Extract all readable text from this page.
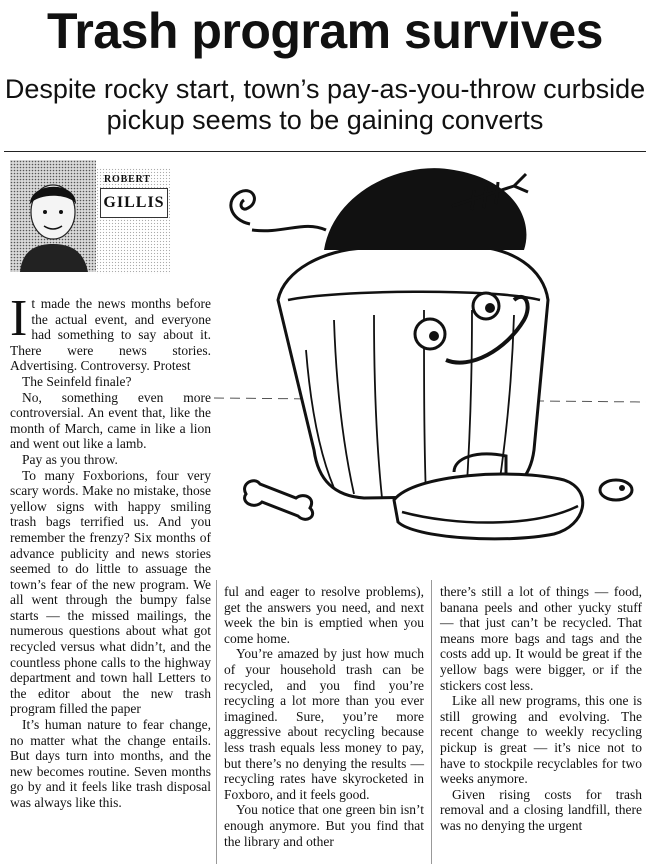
Trash program survives
Despite rocky start, town’s pay-as-you-throw curbside pickup seems to be gaining converts
ROBERT
GILLIS
I t made the news months before the actual event, and everyone had something to say about it. There were news stories. Advertising. Controversy. Protest

The Seinfeld finale?

No, something even more controversial. An event that, like the month of March, came in like a lion and went out like a lamb.

Pay as you throw.

To many Foxborions, four very scary words. Make no mistake, those yellow signs with happy smiling trash bags terrified us. And you remember the frenzy? Six months of advance publicity and news stories seemed to do little to assuage the town’s fear of the new program. We all went through the bumpy false starts — the missed mailings, the numerous questions about what got recycled versus what didn’t, and the countless phone calls to the highway department and town hall Letters to the editor about the new trash program filled the paper

It’s human nature to fear change, no matter what the change entails. But days turn into months, and the new becomes routine. Seven months go by and it feels like trash disposal was always like this.

ful and eager to resolve problems), get the answers you need, and next week the bin is emptied when you come home.

You’re amazed by just how much of your household trash can be recycled, and you find you’re recycling a lot more than you ever imagined. Sure, you’re more aggressive about recycling because less trash equals less money to pay, but there’s no denying the results — recycling rates have skyrocketed in Foxboro, and it feels good.

You notice that one green bin isn’t enough anymore. But you find that the library and other

there’s still a lot of things — food, banana peels and other yucky stuff — that just can’t be recycled. That means more bags and tags and the costs add up. It would be great if the yellow bags were bigger, or if the stickers cost less.

Like all new programs, this one is still growing and evolving. The recent change to weekly recycling pickup is great — it’s nice not to have to stockpile recyclables for two weeks anymore.

Given rising costs for trash removal and a closing landfill, there was no denying the urgent
